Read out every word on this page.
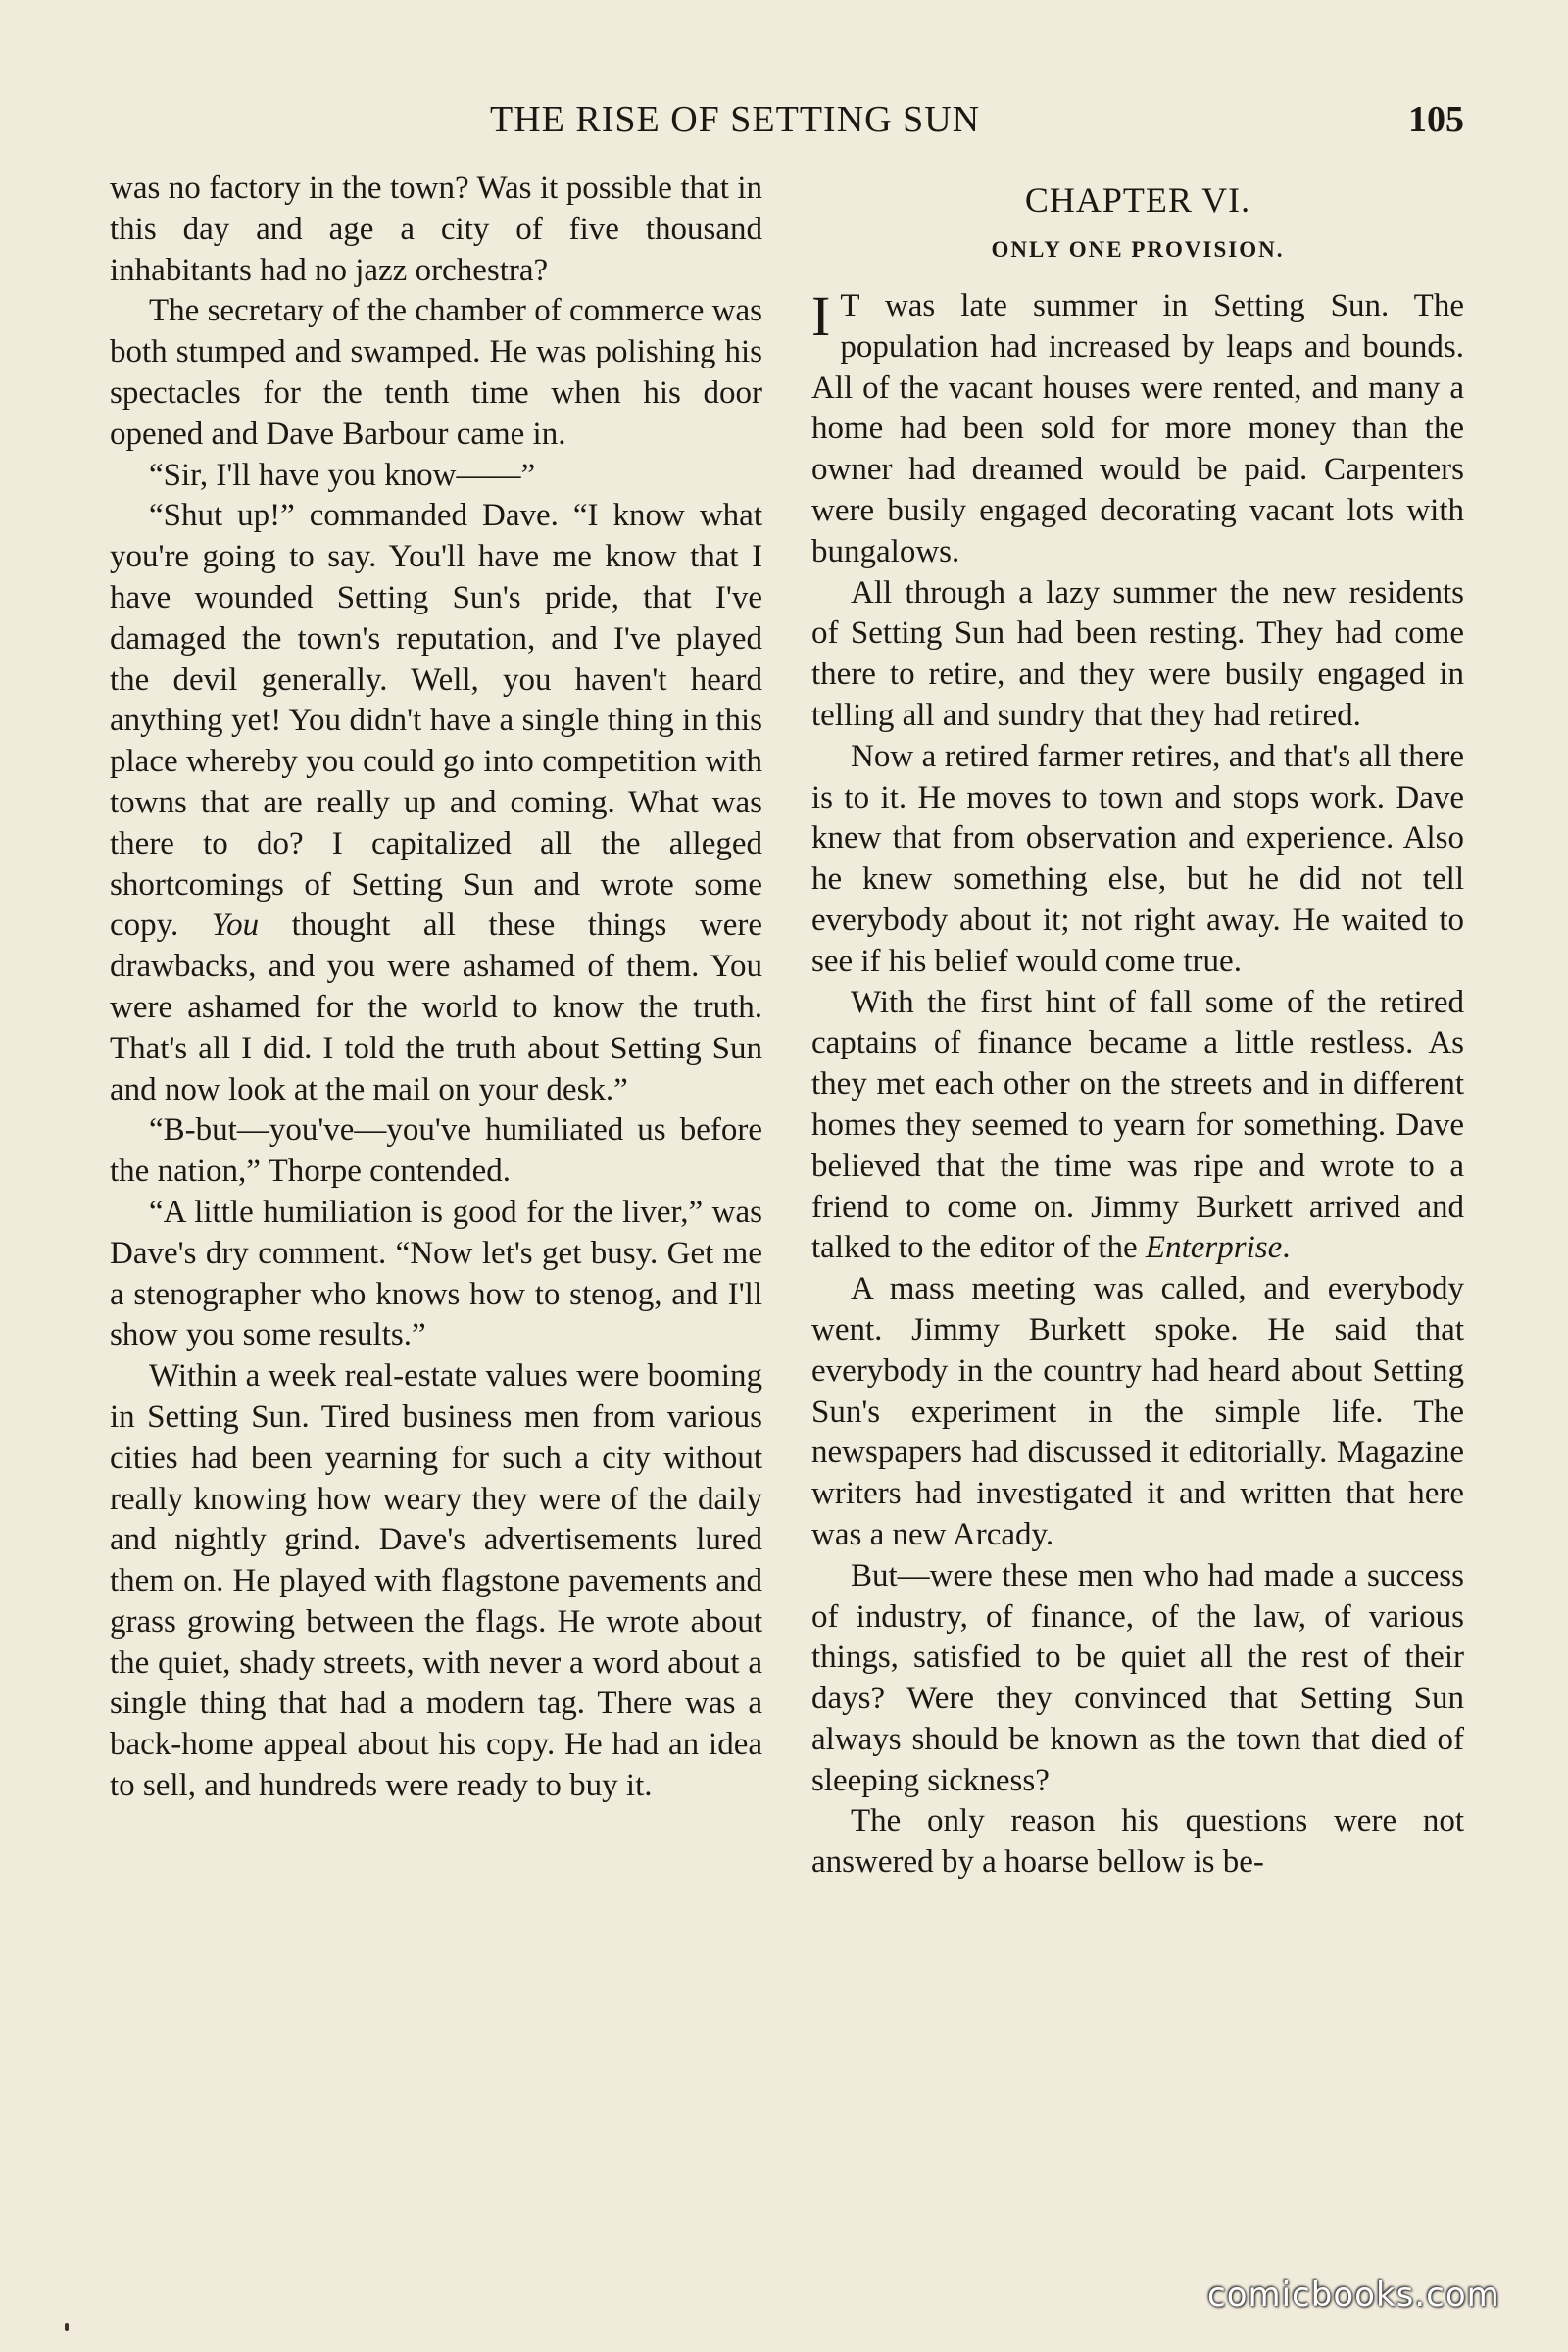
THE RISE OF SETTING SUN	105

was no factory in the town? Was it possible that in this day and age a city of five thousand inhabitants had no jazz orchestra?

The secretary of the chamber of commerce was both stumped and swamped. He was polishing his spectacles for the tenth time when his door opened and Dave Barbour came in.

“Sir, I'll have you know——”

“Shut up!” commanded Dave. “I know what you're going to say. You'll have me know that I have wounded Setting Sun's pride, that I've damaged the town's reputation, and I've played the devil generally. Well, you haven't heard anything yet! You didn't have a single thing in this place whereby you could go into competition with towns that are really up and coming. What was there to do? I capitalized all the alleged shortcomings of Setting Sun and wrote some copy. You thought all these things were drawbacks, and you were ashamed of them. You were ashamed for the world to know the truth. That's all I did. I told the truth about Setting Sun and now look at the mail on your desk.”

“B-but—you've—you've humiliated us before the nation,” Thorpe contended.

“A little humiliation is good for the liver,” was Dave's dry comment. “Now let's get busy. Get me a stenographer who knows how to stenog, and I'll show you some results.”

Within a week real-estate values were booming in Setting Sun. Tired business men from various cities had been yearning for such a city without really knowing how weary they were of the daily and nightly grind. Dave's advertisements lured them on. He played with flagstone pavements and grass growing between the flags. He wrote about the quiet, shady streets, with never a word about a single thing that had a modern tag. There was a back-home appeal about his copy. He had an idea to sell, and hundreds were ready to buy it.

CHAPTER VI.
ONLY ONE PROVISION.

I T was late summer in Setting Sun. The population had increased by leaps and bounds. All of the vacant houses were rented, and many a home had been sold for more money than the owner had dreamed would be paid. Carpenters were busily engaged decorating vacant lots with bungalows.

All through a lazy summer the new residents of Setting Sun had been resting. They had come there to retire, and they were busily engaged in telling all and sundry that they had retired.

Now a retired farmer retires, and that's all there is to it. He moves to town and stops work. Dave knew that from observation and experience. Also he knew something else, but he did not tell everybody about it; not right away. He waited to see if his belief would come true.

With the first hint of fall some of the retired captains of finance became a little restless. As they met each other on the streets and in different homes they seemed to yearn for something. Dave believed that the time was ripe and wrote to a friend to come on. Jimmy Burkett arrived and talked to the editor of the Enterprise.

A mass meeting was called, and everybody went. Jimmy Burkett spoke. He said that everybody in the country had heard about Setting Sun's experiment in the simple life. The newspapers had discussed it editorially. Magazine writers had investigated it and written that here was a new Arcady.

But—were these men who had made a success of industry, of finance, of the law, of various things, satisfied to be quiet all the rest of their days? Were they convinced that Setting Sun always should be known as the town that died of sleeping sickness?

The only reason his questions were not answered by a hoarse bellow is be-

comicbooks.com
